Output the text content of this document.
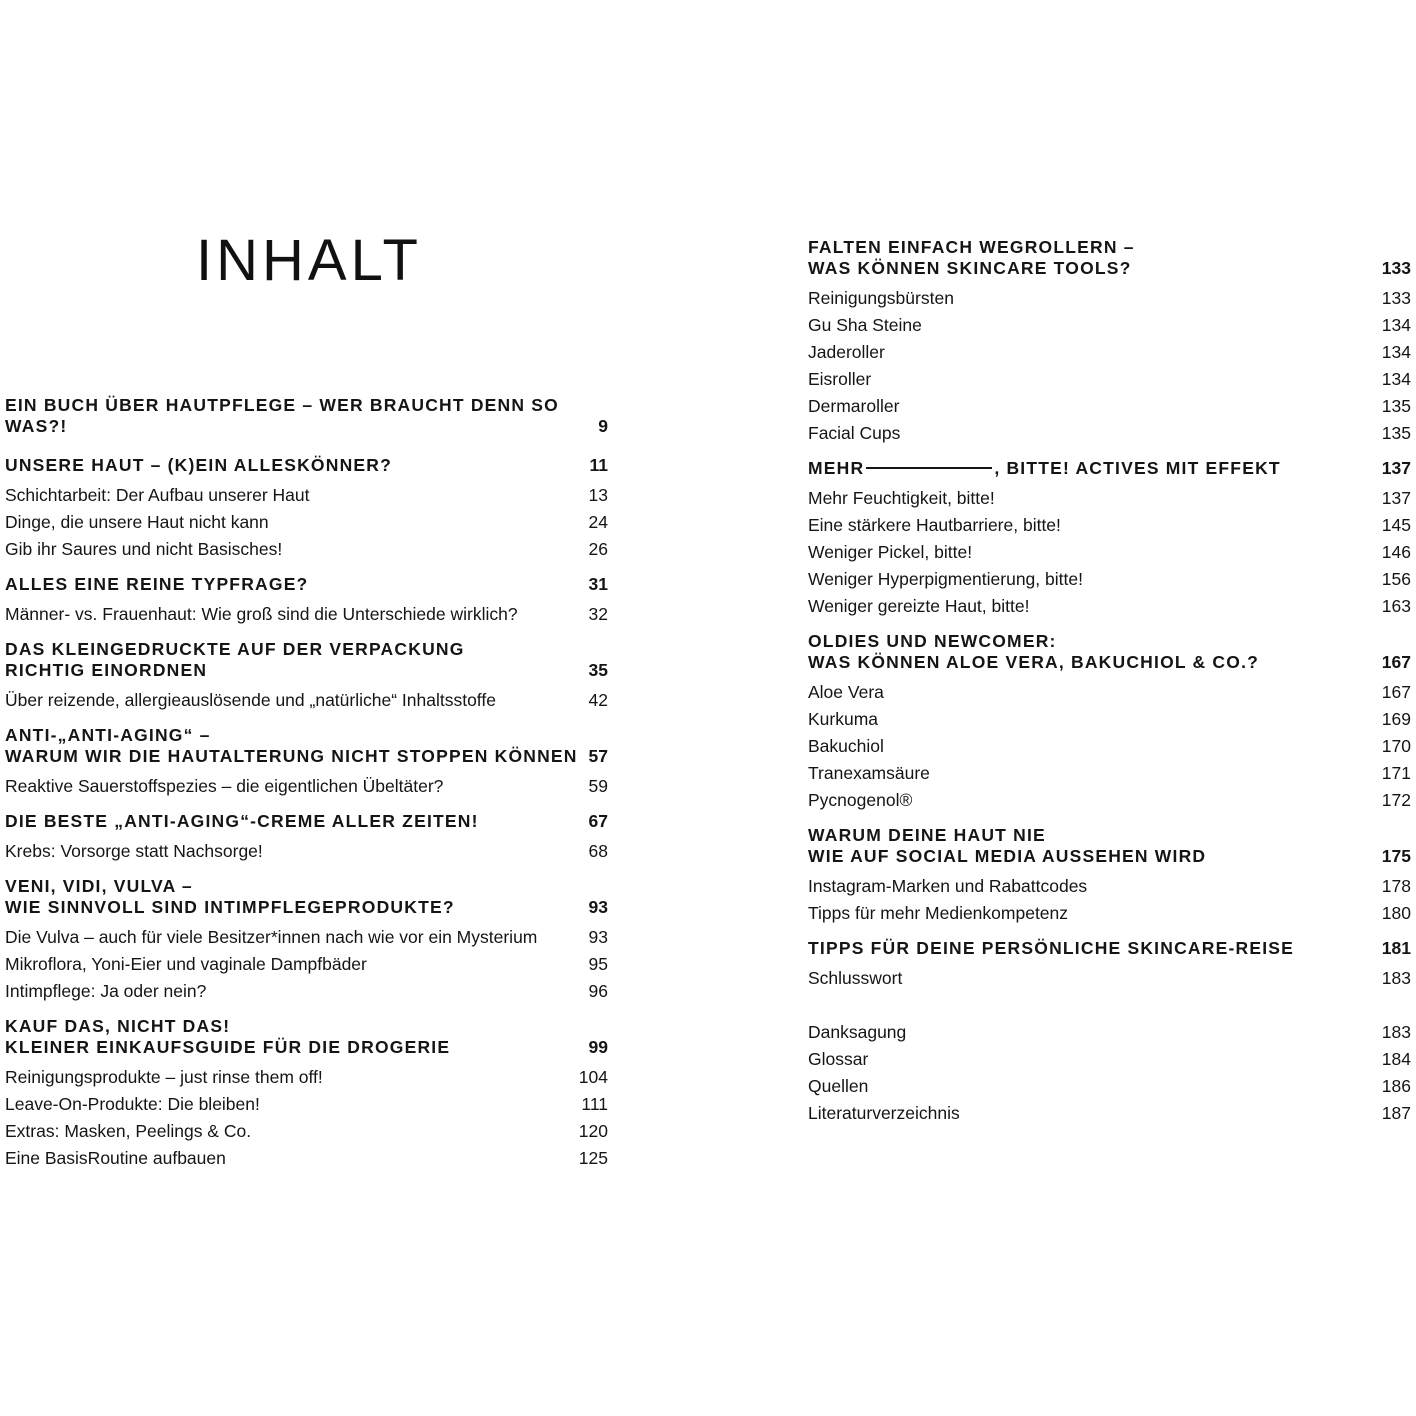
INHALT
EIN BUCH ÜBER HAUTPFLEGE – WER BRAUCHT DENN SO WAS?!	9
UNSERE HAUT – (K)EIN ALLESKÖNNER?	11
Schichtarbeit: Der Aufbau unserer Haut	13
Dinge, die unsere Haut nicht kann	24
Gib ihr Saures und nicht Basisches!	26
ALLES EINE REINE TYPFRAGE?	31
Männer- vs. Frauenhaut: Wie groß sind die Unterschiede wirklich?	32
DAS KLEINGEDRUCKTE AUF DER VERPACKUNG
RICHTIG EINORDNEN	35
Über reizende, allergieauslösende und „natürliche“ Inhaltsstoffe	42
ANTI-„ANTI-AGING“ –
WARUM WIR DIE HAUTALTERUNG NICHT STOPPEN KÖNNEN 57
Reaktive Sauerstoffspezies – die eigentlichen Übeltäter?	59
DIE BESTE „ANTI-AGING“-CREME ALLER ZEITEN!	67
Krebs: Vorsorge statt Nachsorge!	68
VENI, VIDI, VULVA –
WIE SINNVOLL SIND INTIMPFLEGEPRODUKTE?	93
Die Vulva – auch für viele Besitzer*innen nach wie vor ein Mysterium	93
Mikroflora, Yoni-Eier und vaginale Dampfbäder	95
Intimpflege: Ja oder nein?	96
KAUF DAS, NICHT DAS!
KLEINER EINKAUFSGUIDE FÜR DIE DROGERIE	99
Reinigungsprodukte – just rinse them off!	104
Leave-On-Produkte: Die bleiben!	111
Extras: Masken, Peelings & Co.	120
Eine BasisRoutine aufbauen	125
FALTEN EINFACH WEGROLLERN –
WAS KÖNNEN SKINCARE TOOLS?	133
Reinigungsbürsten	133
Gu Sha Steine	134
Jaderoller	134
Eisroller	134
Dermaroller	135
Facial Cups	135
MEHR	, BITTE! ACTIVES MIT EFFEKT	137
Mehr Feuchtigkeit, bitte!	137
Eine stärkere Hautbarriere, bitte!	145
Weniger Pickel, bitte!	146
Weniger Hyperpigmentierung, bitte!	156
Weniger gereizte Haut, bitte!	163
OLDIES UND NEWCOMER:
WAS KÖNNEN ALOE VERA, BAKUCHIOL & CO.?	167
Aloe Vera	167
Kurkuma	169
Bakuchiol	170
Tranexamsäure	171
Pycnogenol®	172
WARUM DEINE HAUT NIE
WIE AUF SOCIAL MEDIA AUSSEHEN WIRD	175
Instagram-Marken und Rabattcodes	178
Tipps für mehr Medienkompetenz	180
TIPPS FÜR DEINE PERSÖNLICHE SKINCARE-REISE	181
Schlusswort	183
Danksagung	183
Glossar	184
Quellen	186
Literaturverzeichnis	187
